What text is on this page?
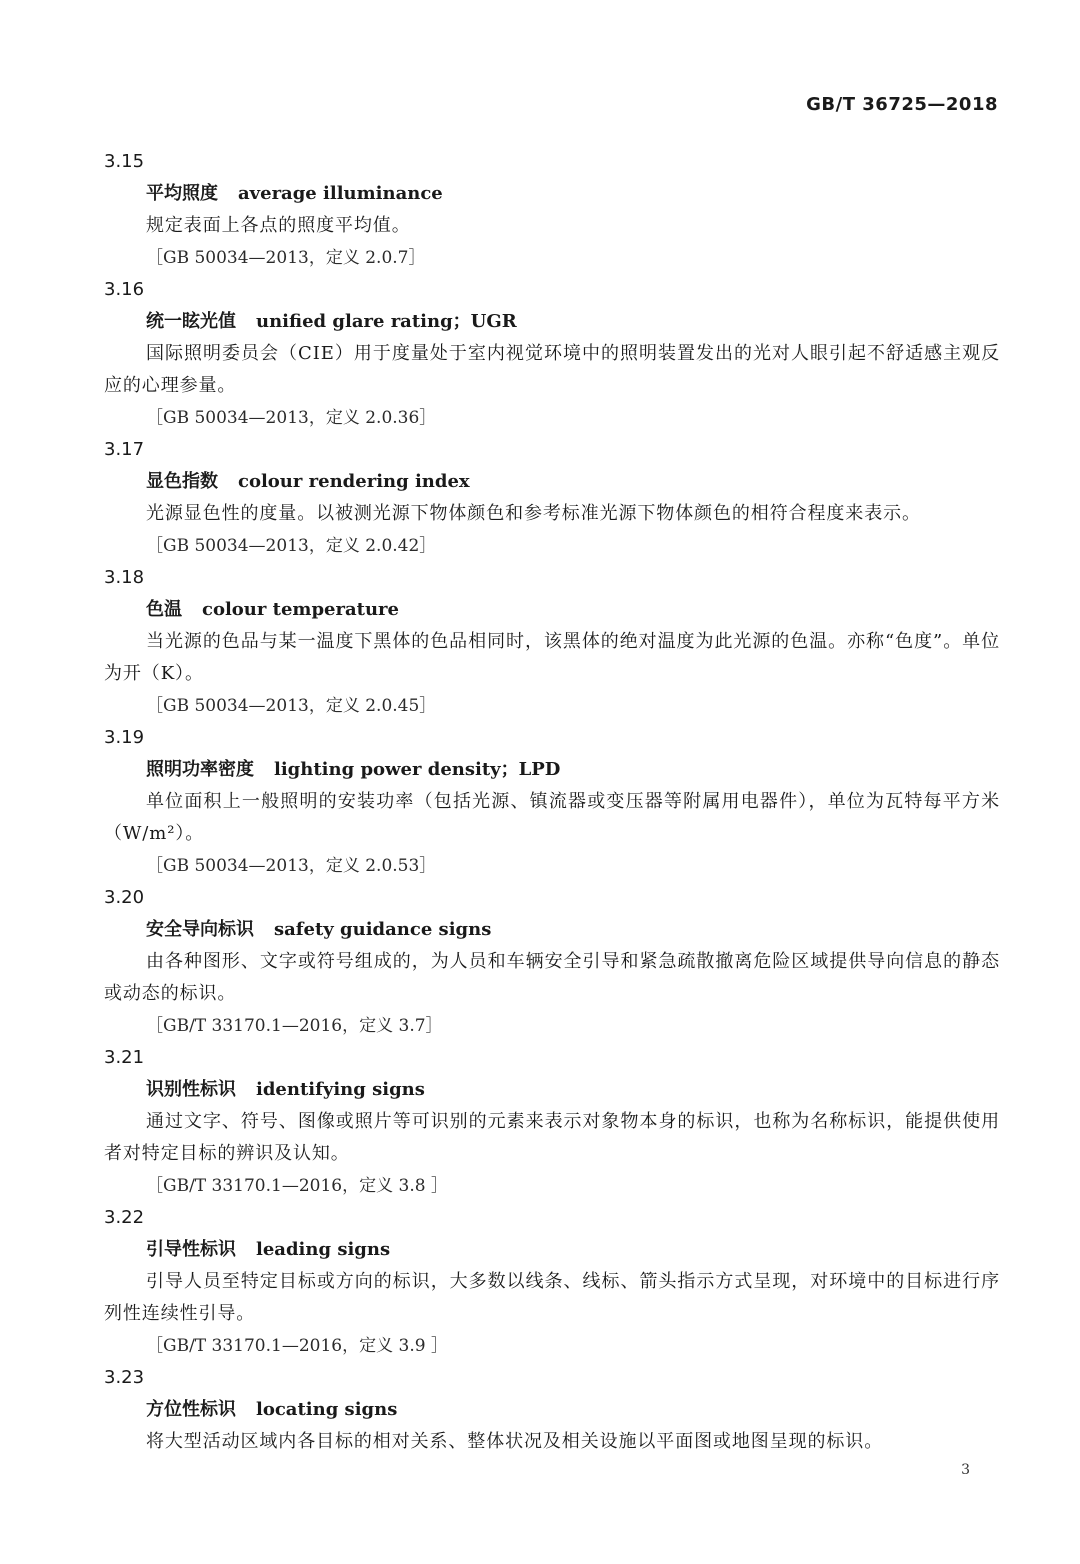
GB/T 36725—2018
3.15
平均照度 average illuminance
规定表面上各点的照度平均值。
［GB 50034—2013，定义 2.0.7］
3.16
统一眩光值 unified glare rating；UGR
国际照明委员会（CIE）用于度量处于室内视觉环境中的照明装置发出的光对人眼引起不舒适感主观反应的心理参量。
［GB 50034—2013，定义 2.0.36］
3.17
显色指数 colour rendering index
光源显色性的度量。以被测光源下物体颜色和参考标准光源下物体颜色的相符合程度来表示。
［GB 50034—2013，定义 2.0.42］
3.18
色温 colour temperature
当光源的色品与某一温度下黑体的色品相同时，该黑体的绝对温度为此光源的色温。亦称“色度”。单位为开（K）。
［GB 50034—2013，定义 2.0.45］
3.19
照明功率密度 lighting power density；LPD
单位面积上一般照明的安装功率（包括光源、镇流器或变压器等附属用电器件），单位为瓦特每平方米（W/m²）。
［GB 50034—2013，定义 2.0.53］
3.20
安全导向标识 safety guidance signs
由各种图形、文字或符号组成的，为人员和车辆安全引导和紧急疏散撤离危险区域提供导向信息的静态或动态的标识。
［GB/T 33170.1—2016，定义 3.7］
3.21
识别性标识 identifying signs
通过文字、符号、图像或照片等可识别的元素来表示对象物本身的标识，也称为名称标识，能提供使用者对特定目标的辨识及认知。
［GB/T 33170.1—2016，定义 3.8 ］
3.22
引导性标识 leading signs
引导人员至特定目标或方向的标识，大多数以线条、线标、箭头指示方式呈现，对环境中的目标进行序列性连续性引导。
［GB/T 33170.1—2016，定义 3.9 ］
3.23
方位性标识 locating signs
将大型活动区域内各目标的相对关系、整体状况及相关设施以平面图或地图呈现的标识。
3
